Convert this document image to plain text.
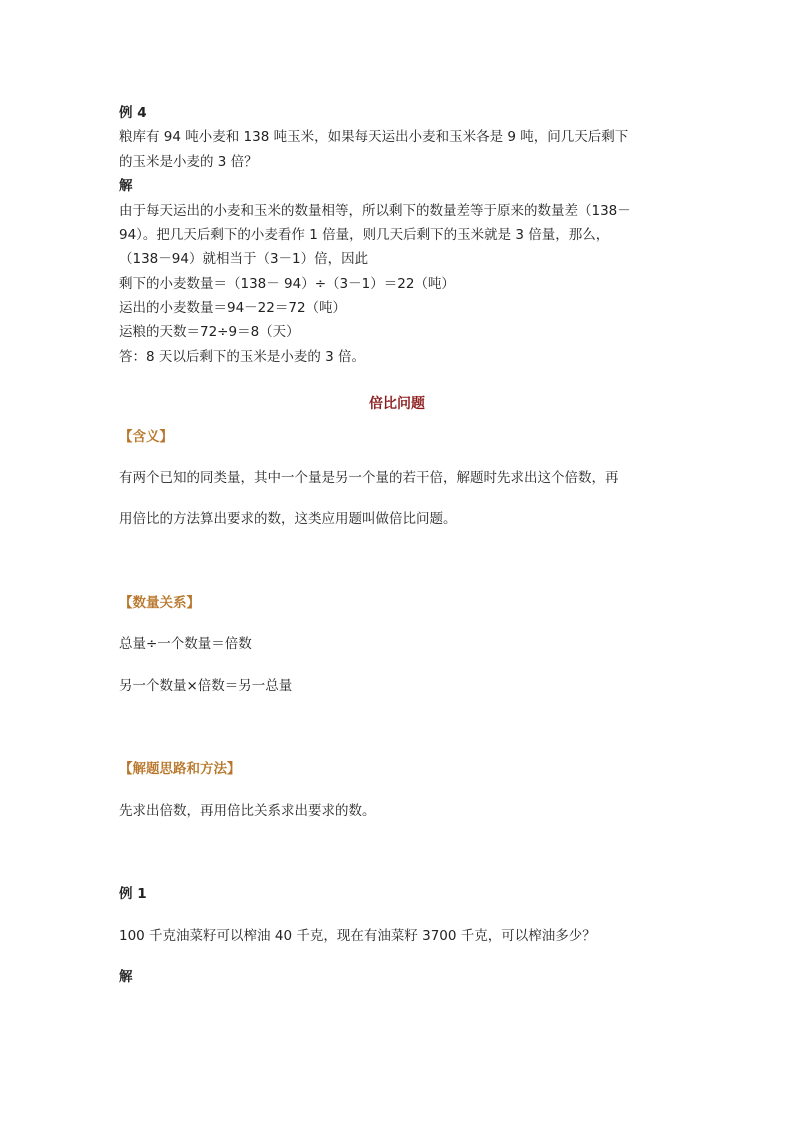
例 4
粮库有 94 吨小麦和 138 吨玉米，如果每天运出小麦和玉米各是 9 吨，问几天后剩下
的玉米是小麦的 3 倍？
解
由于每天运出的小麦和玉米的数量相等，所以剩下的数量差等于原来的数量差（138－
94）。把几天后剩下的小麦看作 1 倍量，则几天后剩下的玉米就是 3 倍量，那么，
（138－94）就相当于（3－1）倍，因此
剩下的小麦数量＝（138－ 94）÷（3－1）＝22（吨）
运出的小麦数量＝94－22＝72（吨）
运粮的天数＝72÷9＝8（天）
答：8 天以后剩下的玉米是小麦的 3 倍。
倍比问题
【含义】
有两个已知的同类量，其中一个量是另一个量的若干倍，解题时先求出这个倍数，再
用倍比的方法算出要求的数，这类应用题叫做倍比问题。
【数量关系】
总量÷一个数量＝倍数
另一个数量×倍数＝另一总量
【解题思路和方法】
先求出倍数，再用倍比关系求出要求的数。
例 1
100 千克油菜籽可以榨油 40 千克，现在有油菜籽 3700 千克，可以榨油多少？
解
